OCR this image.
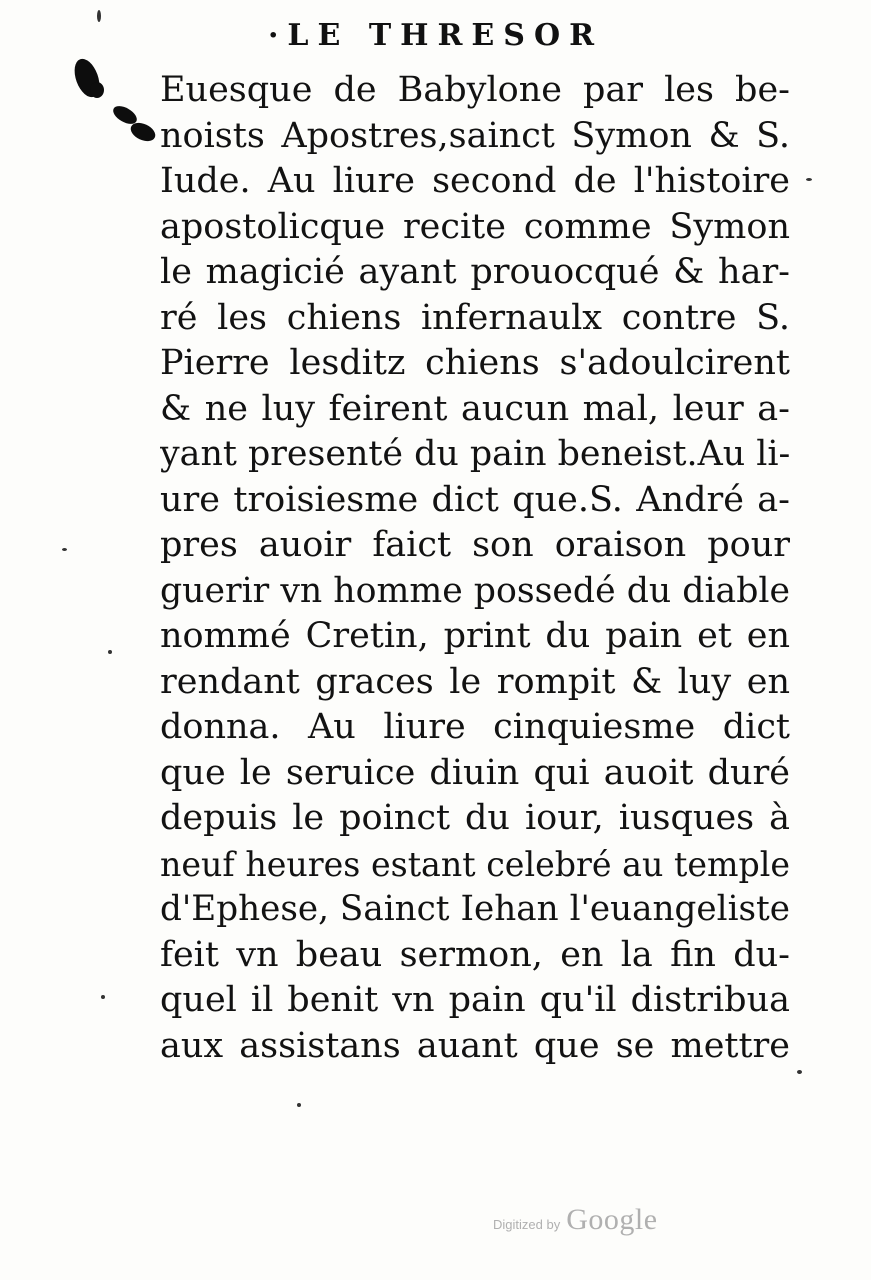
·LE THRESOR
Euesque de Babylone par les be-
noists Apostres,sainct Symon & S.
Iude. Au liure second de l'histoire
apostolicque recite comme Symon
le magicié ayant prouocqué & har-
ré les chiens infernaulx contre S.
Pierre lesditz chiens s'adoulcirent
& ne luy feirent aucun mal, leur a-
yant presenté du pain beneist.Au li-
ure troisiesme dict que.S. André a-
pres auoir faict son oraison pour
guerir vn homme possedé du diable
nommé Cretin, print du pain et en
rendant graces le rompit & luy en
donna. Au liure cinquiesme dict
que le seruice diuin qui auoit duré
depuis le poinct du iour, iusques à
neuf heures estant celebré au temple
d'Ephese, Sainct Iehan l'euangeliste
feit vn beau sermon, en la fin du-
quel il benit vn pain qu'il distribua
aux assistans auant que se mettre
Digitized by Google
